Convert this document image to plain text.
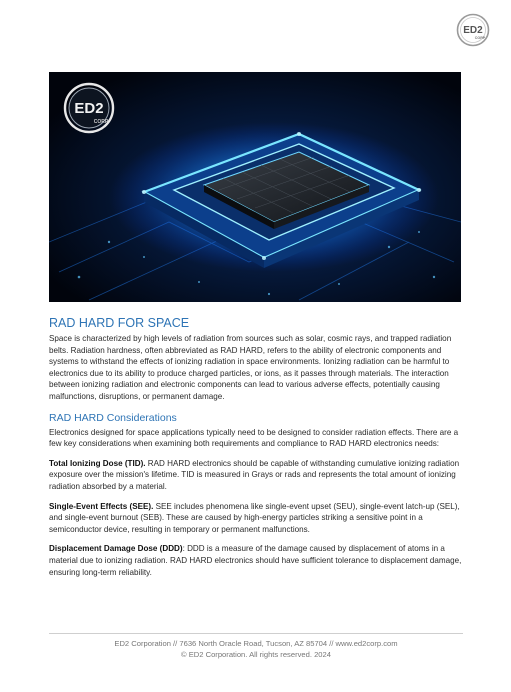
ED2
CORP
ED2
CORP
RAD HARD FOR SPACE

Space is characterized by high levels of radiation from sources such as solar, cosmic rays, and trapped radiation belts. Radiation hardness, often abbreviated as RAD HARD, refers to the ability of electronic components and systems to withstand the effects of ionizing radiation in space environments. Ionizing radiation can be harmful to electronics due to its ability to produce charged particles, or ions, as it passes through materials. The interaction between ionizing radiation and electronic components can lead to various adverse effects, potentially causing malfunctions, disruptions, or permanent damage.

RAD HARD Considerations

Electronics designed for space applications typically need to be designed to consider radiation effects. There are a few key considerations when examining both requirements and compliance to RAD HARD electronics needs:

Total Ionizing Dose (TID). RAD HARD electronics should be capable of withstanding cumulative ionizing radiation exposure over the mission's lifetime. TID is measured in Grays or rads and represents the total amount of ionizing radiation absorbed by a material.

Single-Event Effects (SEE). SEE includes phenomena like single-event upset (SEU), single-event latch-up (SEL), and single-event burnout (SEB). These are caused by high-energy particles striking a sensitive point in a semiconductor device, resulting in temporary or permanent malfunctions.

Displacement Damage Dose (DDD): DDD is a measure of the damage caused by displacement of atoms in a material due to ionizing radiation. RAD HARD electronics should have sufficient tolerance to displacement damage, ensuring long-term reliability.

ED2 Corporation // 7636 North Oracle Road, Tucson, AZ 85704 // www.ed2corp.com
© ED2 Corporation. All rights reserved. 2024
